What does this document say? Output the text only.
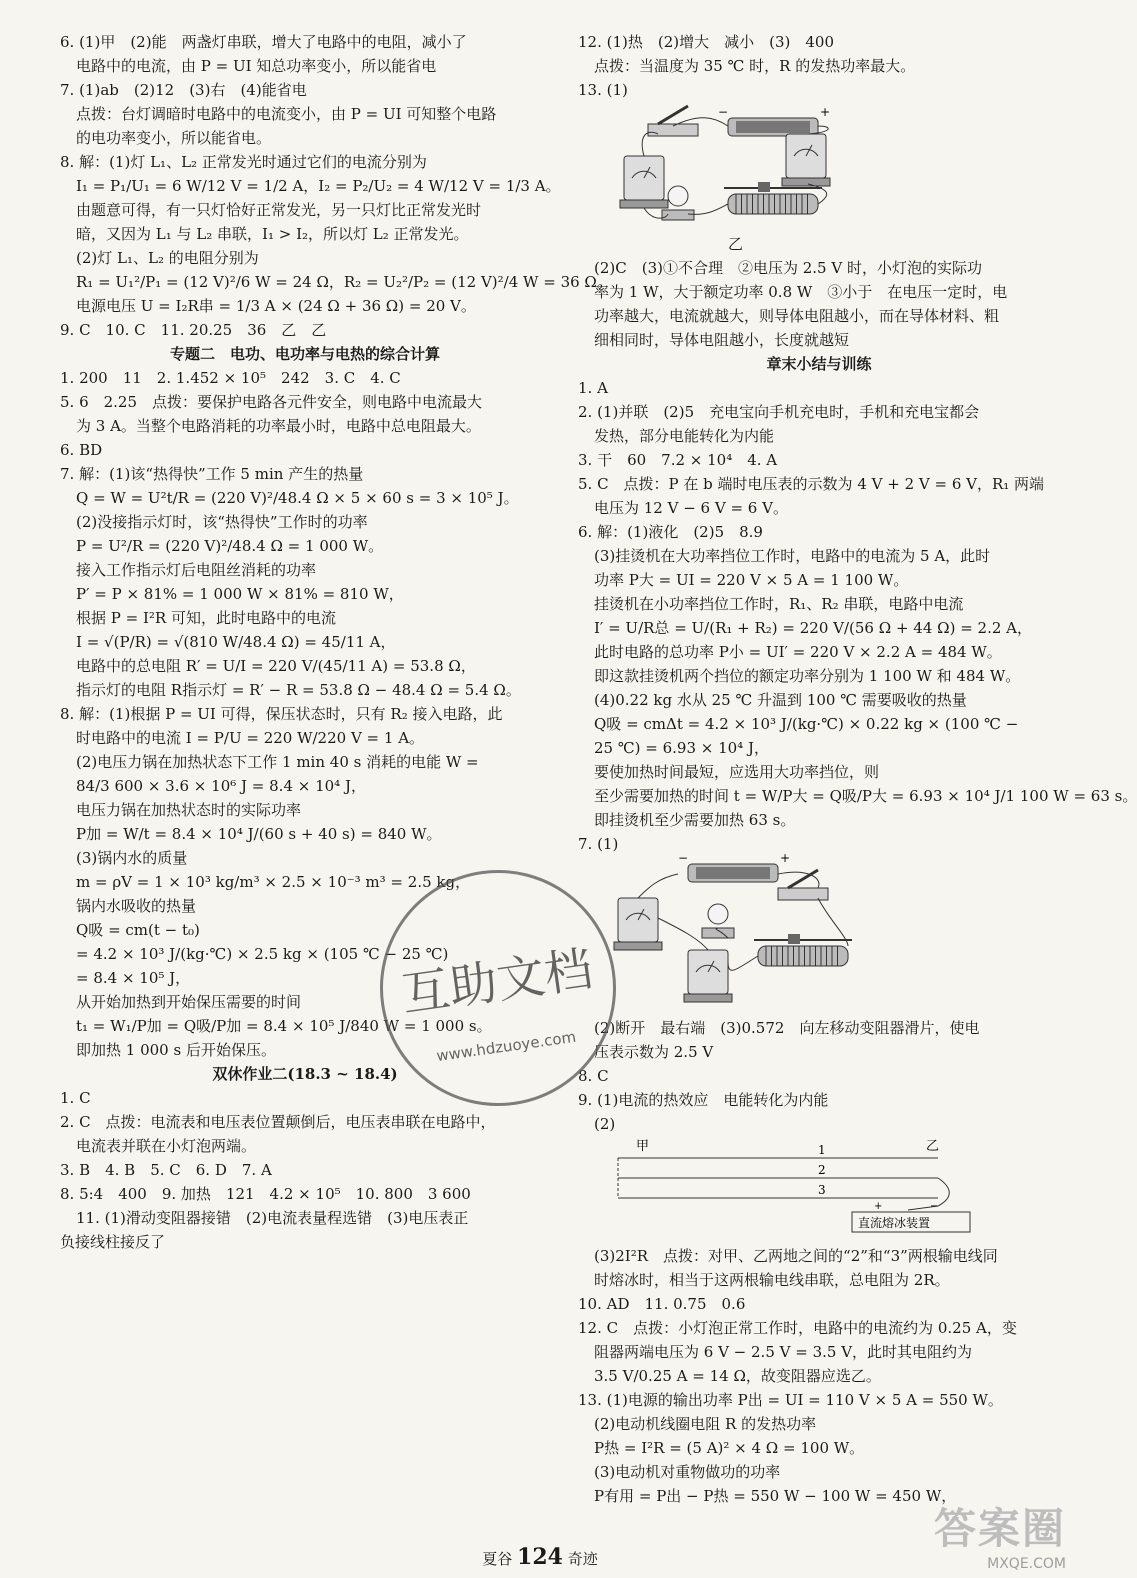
6. (1)甲　(2)能　两盏灯串联，增大了电路中的电阻，减小了
电路中的电流，由 P = UI 知总功率变小，所以能省电
7. (1)ab　(2)12　(3)右　(4)能省电
点拨：台灯调暗时电路中的电流变小，由 P = UI 可知整个电路
的电功率变小，所以能省电。
8. 解：(1)灯 L₁、L₂ 正常发光时通过它们的电流分别为
I₁ = P₁/U₁ = 6 W/12 V = 1/2 A，I₂ = P₂/U₂ = 4 W/12 V = 1/3 A。
由题意可得，有一只灯恰好正常发光，另一只灯比正常发光时
暗，又因为 L₁ 与 L₂ 串联，I₁ > I₂，所以灯 L₂ 正常发光。
(2)灯 L₁、L₂ 的电阻分别为
R₁ = U₁²/P₁ = (12 V)²/6 W = 24 Ω，R₂ = U₂²/P₂ = (12 V)²/4 W = 36 Ω。
电源电压 U = I₂R串 = 1/3 A × (24 Ω + 36 Ω) = 20 V。
9. C　10. C　11. 20.25　36　乙　乙
专题二　电功、电功率与电热的综合计算
1. 200　11　2. 1.452 × 10⁵　242　3. C　4. C
5. 6　2.25　点拨：要保护电路各元件安全，则电路中电流最大
为 3 A。当整个电路消耗的功率最小时，电路中总电阻最大。
6. BD
7. 解：(1)该“热得快”工作 5 min 产生的热量
Q = W = U²t/R = (220 V)²/48.4 Ω × 5 × 60 s = 3 × 10⁵ J。
(2)没接指示灯时，该“热得快”工作时的功率
P = U²/R = (220 V)²/48.4 Ω = 1 000 W。
接入工作指示灯后电阻丝消耗的功率
P′ = P × 81% = 1 000 W × 81% = 810 W，
根据 P = I²R 可知，此时电路中的电流
I = √(P/R) = √(810 W/48.4 Ω) = 45/11 A，
电路中的总电阻 R′ = U/I = 220 V/(45/11 A) = 53.8 Ω，
指示灯的电阻 R指示灯 = R′ − R = 53.8 Ω − 48.4 Ω = 5.4 Ω。
8. 解：(1)根据 P = UI 可得，保压状态时，只有 R₂ 接入电路，此
时电路中的电流 I = P/U = 220 W/220 V = 1 A。
(2)电压力锅在加热状态下工作 1 min 40 s 消耗的电能 W =
84/3 600 × 3.6 × 10⁶ J = 8.4 × 10⁴ J，
电压力锅在加热状态时的实际功率
P加 = W/t = 8.4 × 10⁴ J/(60 s + 40 s) = 840 W。
(3)锅内水的质量
m = ρV = 1 × 10³ kg/m³ × 2.5 × 10⁻³ m³ = 2.5 kg，
锅内水吸收的热量
Q吸 = cm(t − t₀)
= 4.2 × 10³ J/(kg·℃) × 2.5 kg × (105 ℃ − 25 ℃)
= 8.4 × 10⁵ J，
从开始加热到开始保压需要的时间
t₁ = W₁/P加 = Q吸/P加 = 8.4 × 10⁵ J/840 W = 1 000 s。
即加热 1 000 s 后开始保压。
双休作业二(18.3 ~ 18.4)
1. C
2. C　点拨：电流表和电压表位置颠倒后，电压表串联在电路中，
电流表并联在小灯泡两端。
3. B　4. B　5. C　6. D　7. A
8. 5:4　400　9. 加热　121　4.2 × 10⁵　10. 800　3 600
11. (1)滑动变阻器接错　(2)电流表量程选错　(3)电压表正
负接线柱接反了
12. (1)热　(2)增大　减小　(3)　400
点拨：当温度为 35 ℃ 时，R 的发热功率最大。
13. (1)
−	+
乙
(2)C　(3)①不合理　②电压为 2.5 V 时，小灯泡的实际功
率为 1 W，大于额定功率 0.8 W　③小于　在电压一定时，电
功率越大，电流就越大，则导体电阻越小，而在导体材料、粗
细相同时，导体电阻越小，长度就越短
章末小结与训练
1. A
2. (1)并联　(2)5　充电宝向手机充电时，手机和充电宝都会
发热，部分电能转化为内能
3. 干　60　7.2 × 10⁴　4. A
5. C　点拨：P 在 b 端时电压表的示数为 4 V + 2 V = 6 V，R₁ 两端
电压为 12 V − 6 V = 6 V。
6. 解：(1)液化　(2)5　8.9
(3)挂烫机在大功率挡位工作时，电路中的电流为 5 A，此时
功率 P大 = UI = 220 V × 5 A = 1 100 W。
挂烫机在小功率挡位工作时，R₁、R₂ 串联，电路中电流
I′ = U/R总 = U/(R₁ + R₂) = 220 V/(56 Ω + 44 Ω) = 2.2 A，
此时电路的总功率 P小 = UI′ = 220 V × 2.2 A = 484 W。
即这款挂烫机两个挡位的额定功率分别为 1 100 W 和 484 W。
(4)0.22 kg 水从 25 ℃ 升温到 100 ℃ 需要吸收的热量
Q吸 = cmΔt = 4.2 × 10³ J/(kg·℃) × 0.22 kg × (100 ℃ −
25 ℃) = 6.93 × 10⁴ J，
要使加热时间最短，应选用大功率挡位，则
至少需要加热的时间 t = W/P大 = Q吸/P大 = 6.93 × 10⁴ J/1 100 W = 63 s。
即挂烫机至少需要加热 63 s。
7. (1)
−	+
(2)断开　最右端　(3)0.572　向左移动变阻器滑片，使电
压表示数为 2.5 V
8. C
9. (1)电流的热效应　电能转化为内能
(2)
甲	乙
1
2
3
+	−
直流熔冰装置
(3)2I²R　点拨：对甲、乙两地之间的“2”和“3”两根输电线同
时熔冰时，相当于这两根输电线串联，总电阻为 2R。
10. AD　11. 0.75　0.6
12. C　点拨：小灯泡正常工作时，电路中的电流约为 0.25 A，变
阻器两端电压为 6 V − 2.5 V = 3.5 V，此时其电阻约为
3.5 V/0.25 A = 14 Ω，故变阻器应选乙。
13. (1)电源的输出功率 P出 = UI = 110 V × 5 A = 550 W。
(2)电动机线圈电阻 R 的发热功率
P热 = I²R = (5 A)² × 4 Ω = 100 W。
(3)电动机对重物做功的功率
P有用 = P出 − P热 = 550 W − 100 W = 450 W，
互助文档
www.hdzuoye.com
夏谷 124 奇迹
答案圈
MXQE.COM
